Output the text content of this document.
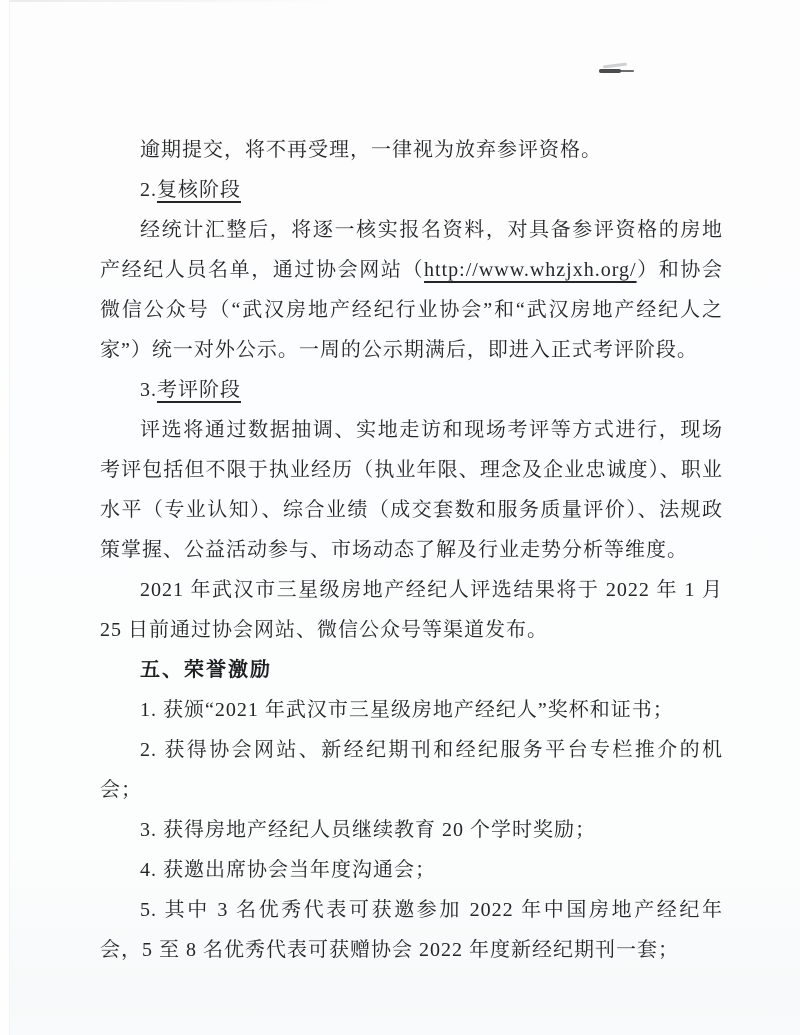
逾期提交，将不再受理，一律视为放弃参评资格。

2.复核阶段

经统计汇整后，将逐一核实报名资料，对具备参评资格的房地产经纪人员名单，通过协会网站（http://www.whzjxh.org/）和协会微信公众号（“武汉房地产经纪行业协会”和“武汉房地产经纪人之家”）统一对外公示。一周的公示期满后，即进入正式考评阶段。

3.考评阶段

评选将通过数据抽调、实地走访和现场考评等方式进行，现场考评包括但不限于执业经历（执业年限、理念及企业忠诚度）、职业水平（专业认知）、综合业绩（成交套数和服务质量评价）、法规政策掌握、公益活动参与、市场动态了解及行业走势分析等维度。

2021 年武汉市三星级房地产经纪人评选结果将于 2022 年 1 月 25 日前通过协会网站、微信公众号等渠道发布。

五、荣誉激励

1. 获颁“2021 年武汉市三星级房地产经纪人”奖杯和证书；

2. 获得协会网站、新经纪期刊和经纪服务平台专栏推介的机会；

3. 获得房地产经纪人员继续教育 20 个学时奖励；

4. 获邀出席协会当年度沟通会；

5. 其中 3 名优秀代表可获邀参加 2022 年中国房地产经纪年会，5 至 8 名优秀代表可获赠协会 2022 年度新经纪期刊一套；
